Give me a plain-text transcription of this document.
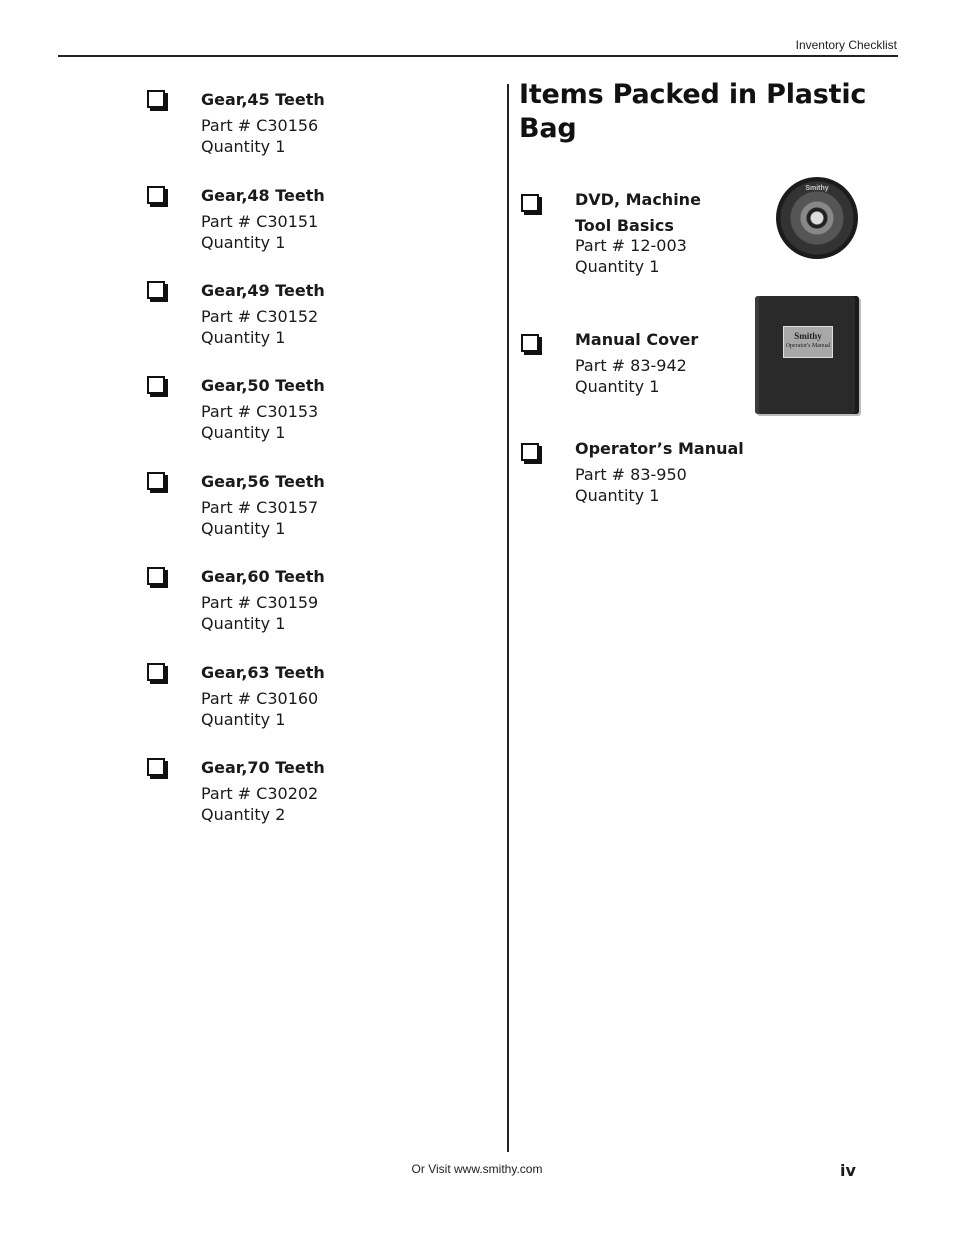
Inventory Checklist
Gear,45 Teeth
Part # C30156
Quantity 1
Gear,48 Teeth
Part # C30151
Quantity 1
Gear,49 Teeth
Part # C30152
Quantity 1
Gear,50 Teeth
Part # C30153
Quantity 1
Gear,56 Teeth
Part # C30157
Quantity 1
Gear,60 Teeth
Part # C30159
Quantity 1
Gear,63 Teeth
Part # C30160
Quantity 1
Gear,70 Teeth
Part # C30202
Quantity 2
Items Packed in Plastic Bag
DVD, Machine
Tool Basics
Part # 12-003
Quantity 1
Manual Cover
Part # 83-942
Quantity 1
Operator’s Manual
Part # 83-950
Quantity 1
Smithy
Smithy
Operator's Manual
Or Visit www.smithy.com	iv
